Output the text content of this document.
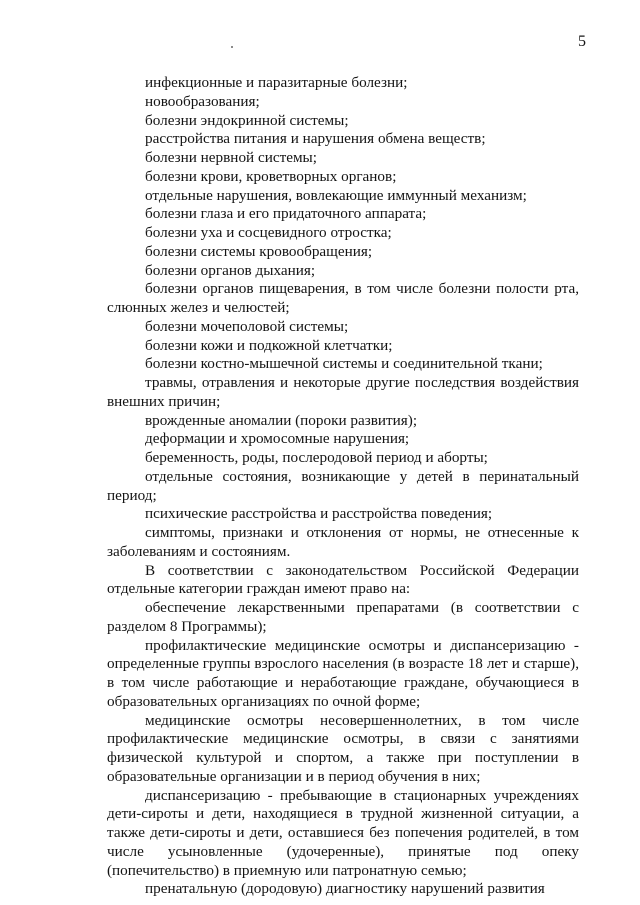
5

инфекционные и паразитарные болезни;

новообразования;

болезни эндокринной системы;

расстройства питания и нарушения обмена веществ;

болезни нервной системы;

болезни крови, кроветворных органов;

отдельные нарушения, вовлекающие иммунный механизм;

болезни глаза и его придаточного аппарата;

болезни уха и сосцевидного отростка;

болезни системы кровообращения;

болезни органов дыхания;

болезни органов пищеварения, в том числе болезни полости рта, слюнных желез и челюстей;

болезни мочеполовой системы;

болезни кожи и подкожной клетчатки;

болезни костно-мышечной системы и соединительной ткани;

травмы, отравления и некоторые другие последствия воздействия внешних причин;

врожденные аномалии (пороки развития);

деформации и хромосомные нарушения;

беременность, роды, послеродовой период и аборты;

отдельные состояния, возникающие у детей в перинатальный период;

психические расстройства и расстройства поведения;

симптомы, признаки и отклонения от нормы, не отнесенные к заболеваниям и состояниям.

В соответствии с законодательством Российской Федерации отдельные категории граждан имеют право на:

обеспечение лекарственными препаратами (в соответствии с разделом 8 Программы);

профилактические медицинские осмотры и диспансеризацию - определенные группы взрослого населения (в возрасте 18 лет и старше), в том числе работающие и неработающие граждане, обучающиеся в образовательных организациях по очной форме;

медицинские осмотры несовершеннолетних, в том числе профилактические медицинские осмотры, в связи с занятиями физической культурой и спортом, а также при поступлении в образовательные организации и в период обучения в них;

диспансеризацию - пребывающие в стационарных учреждениях дети-сироты и дети, находящиеся в трудной жизненной ситуации, а также дети-сироты и дети, оставшиеся без попечения родителей, в том числе усыновленные (удочеренные), принятые под опеку (попечительство) в приемную или патронатную семью;

пренатальную (дородовую) диагностику нарушений развития
